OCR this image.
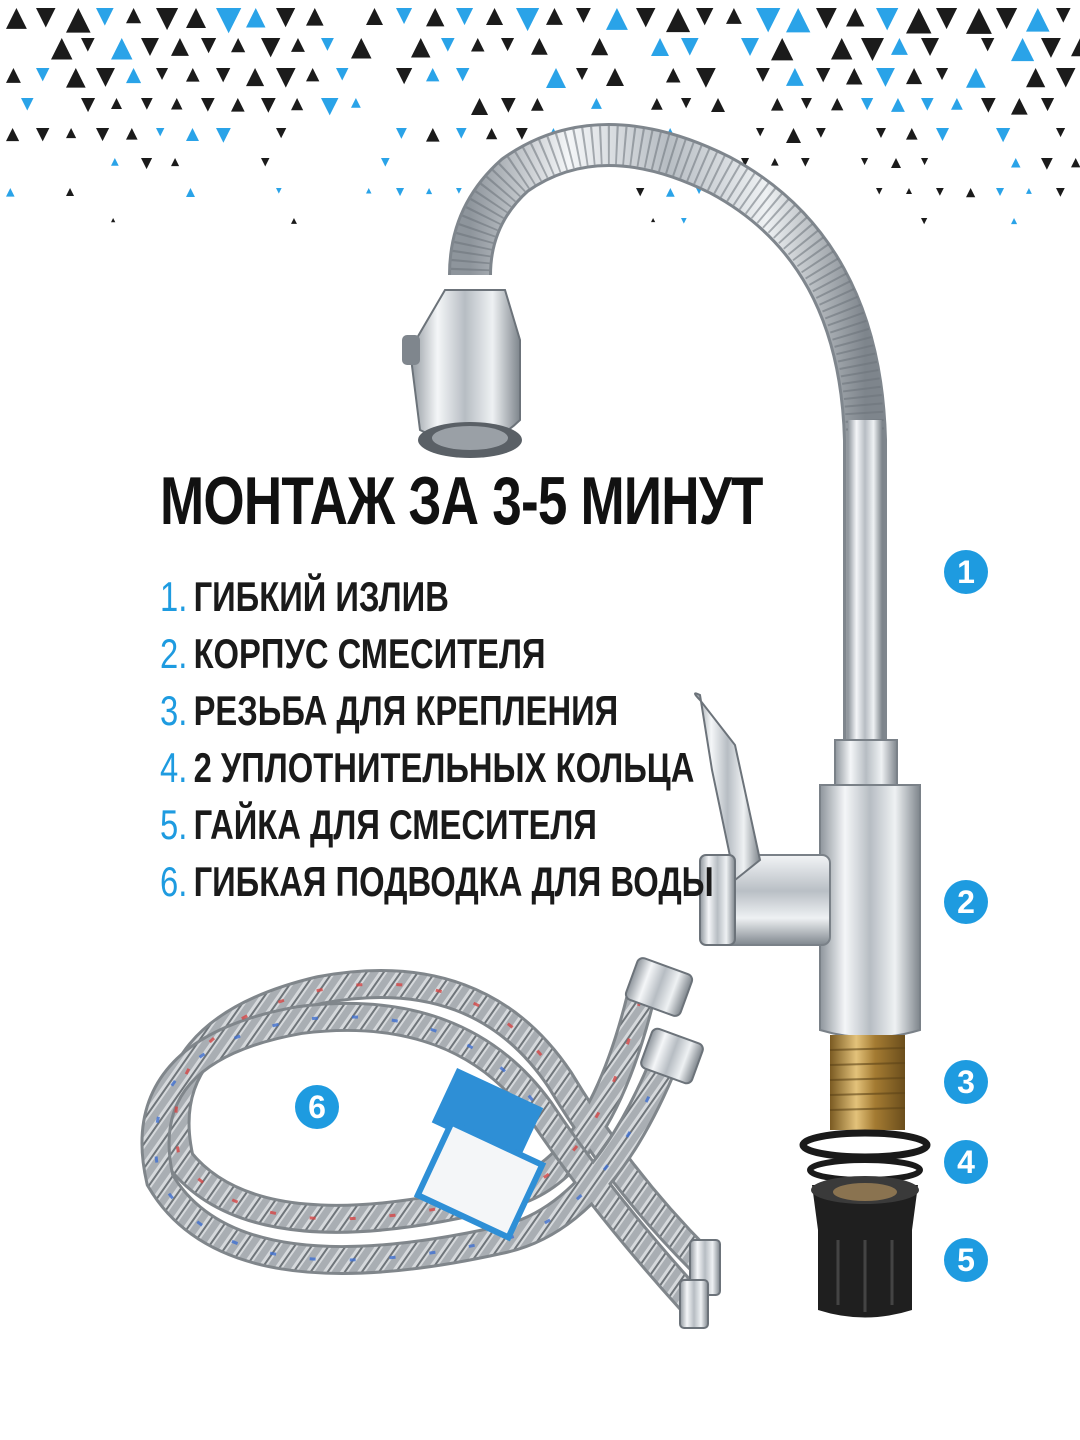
МОНТАЖ ЗА 3-5 МИНУТ
1. ГИБКИЙ ИЗЛИВ
2. КОРПУС СМЕСИТЕЛЯ
3. РЕЗЬБА ДЛЯ КРЕПЛЕНИЯ
4. 2 УПЛОТНИТЕЛЬНЫХ КОЛЬЦА
5. ГАЙКА ДЛЯ СМЕСИТЕЛЯ
6. ГИБКАЯ ПОДВОДКА ДЛЯ ВОДЫ
1
2
3
4
5
6
